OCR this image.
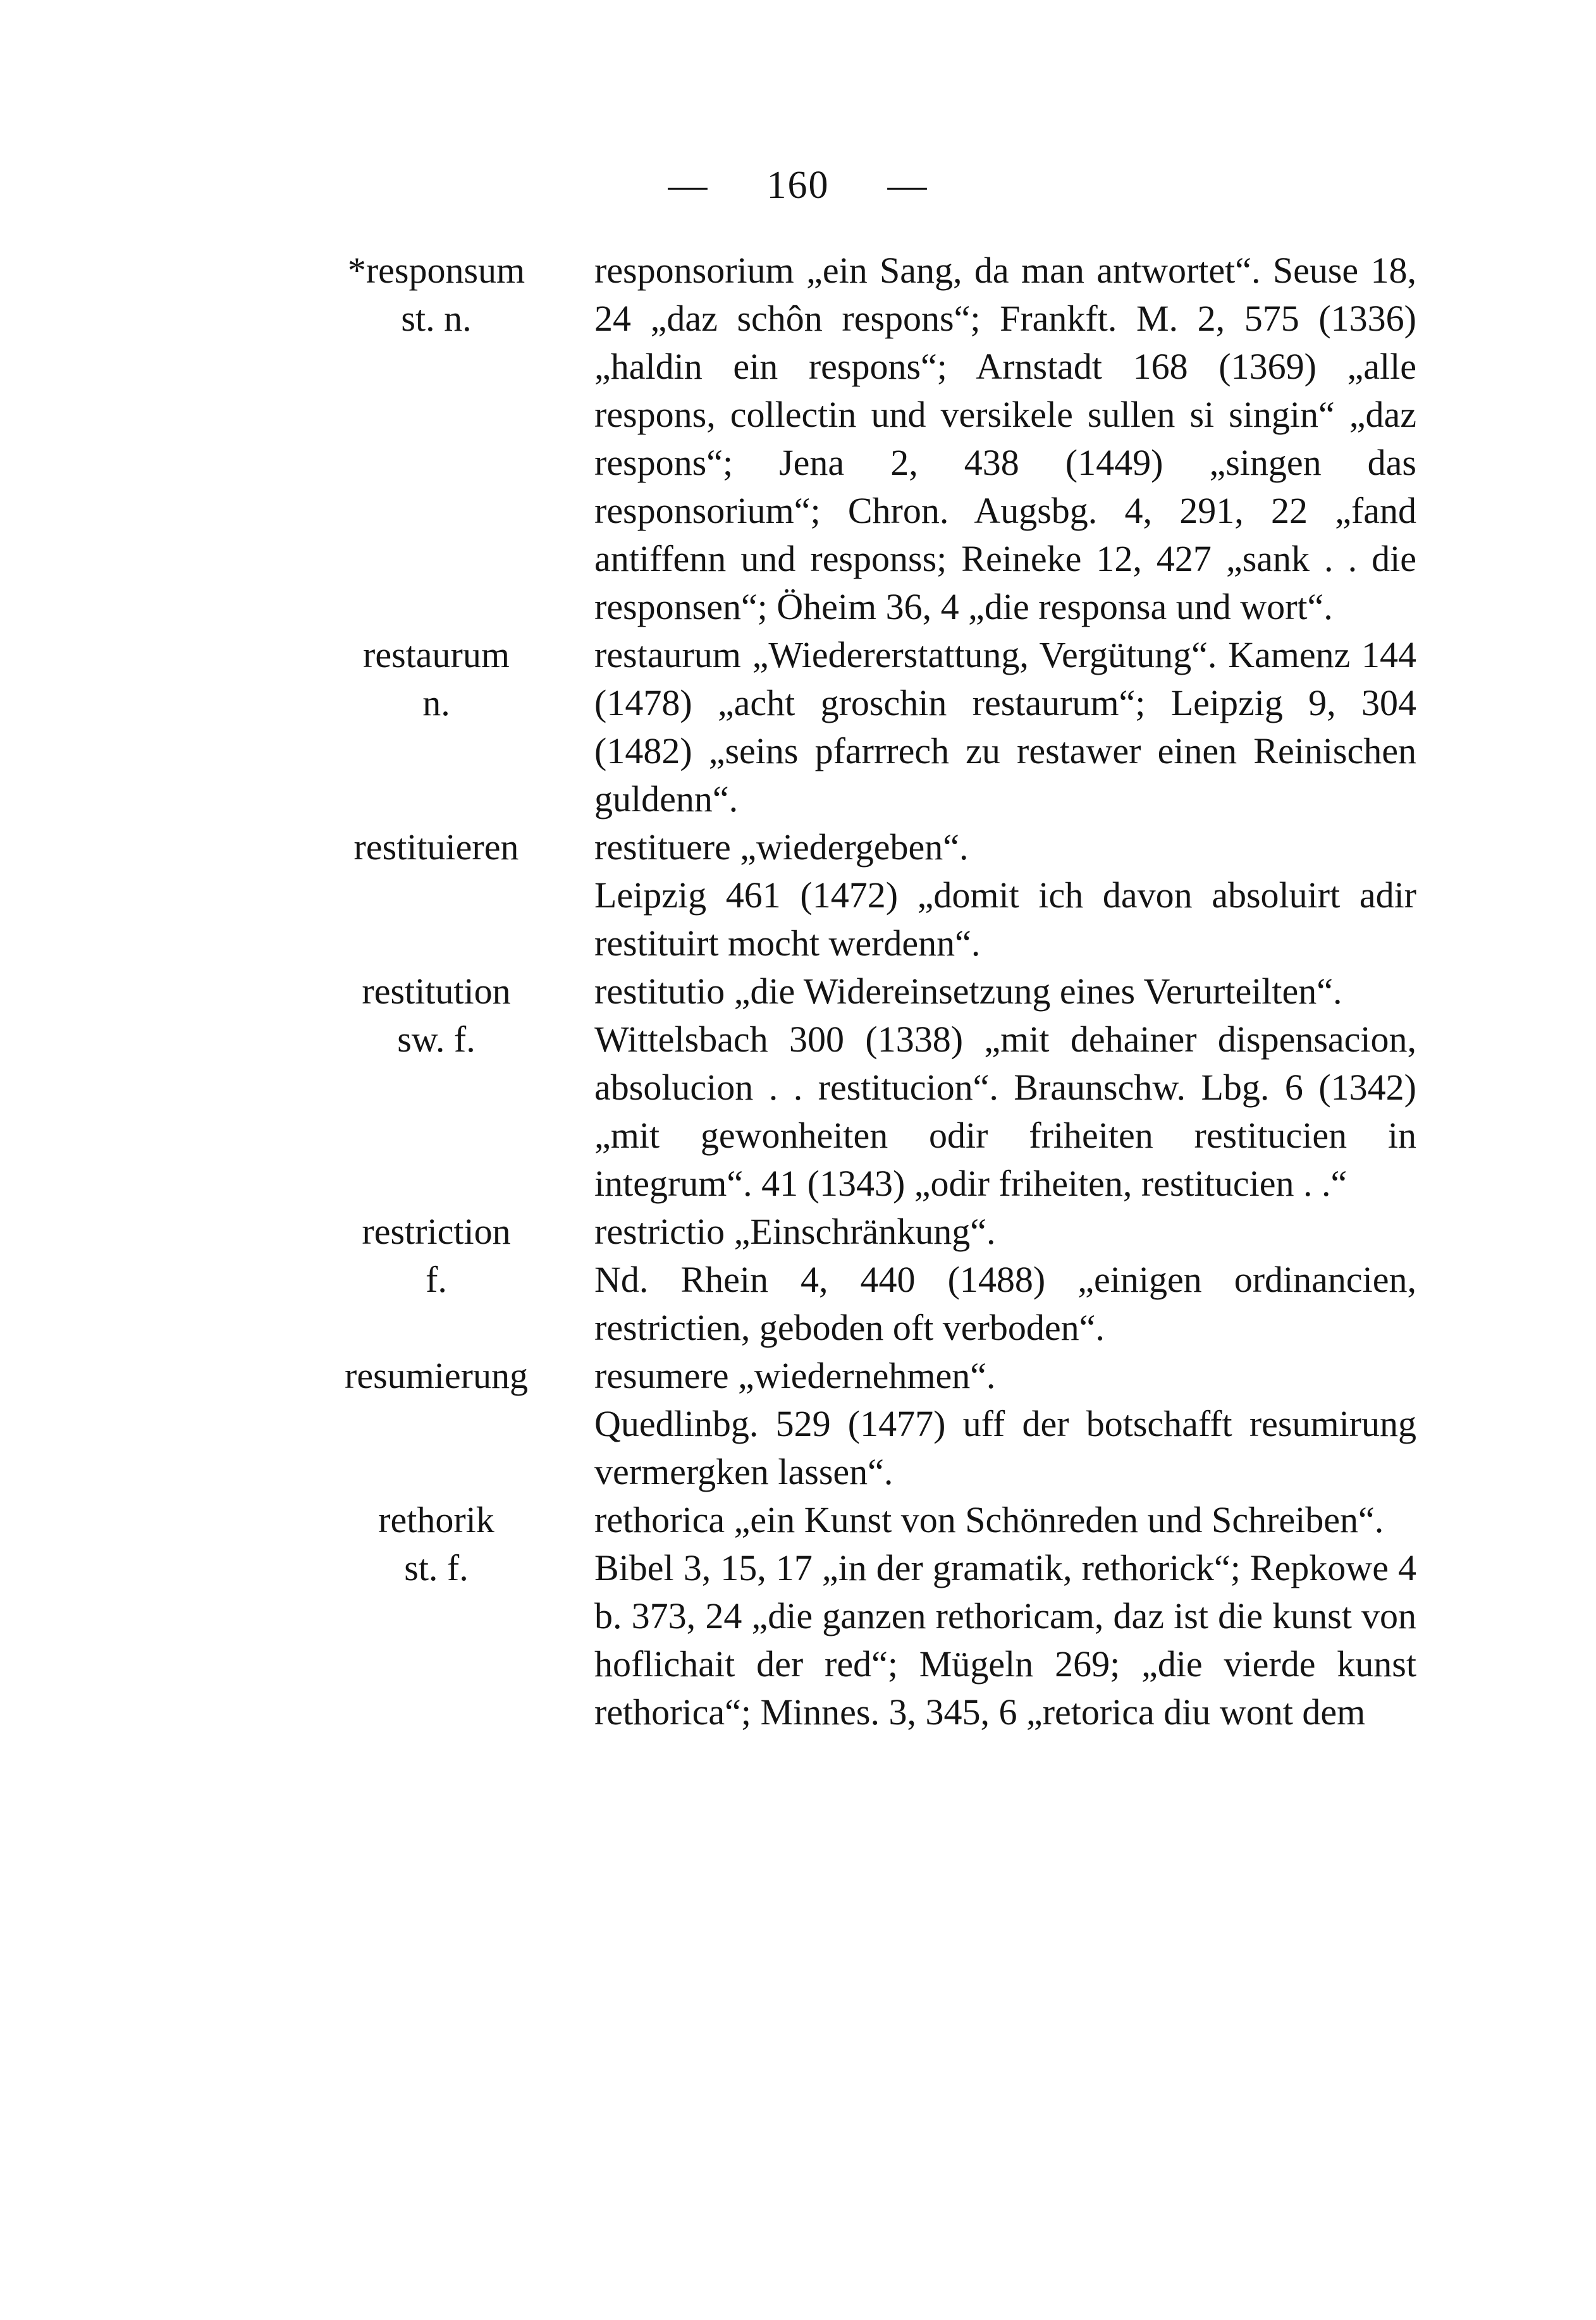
— 160 —
*responsum
st. n.

responsorium „ein Sang, da man antwortet“. Seuse 18, 24 „daz schôn respons“; Frankft. M. 2, 575 (1336) „haldin ein respons“; Arnstadt 168 (1369) „alle respons, collectin und versikele sullen si singin“ „daz respons“; Jena 2, 438 (1449) „singen das responsorium“; Chron. Augsbg. 4, 291, 22 „fand antiffenn und responss; Reineke 12, 427 „sank . . die responsen“; Öheim 36, 4 „die responsa und wort“.

restaurum
n.

restaurum „Wiedererstattung, Vergütung“. Kamenz 144 (1478) „acht groschin restaurum“; Leipzig 9, 304 (1482) „seins pfarrrech zu restawer einen Reinischen guldenn“.

restituieren	restituere „wiedergeben“.

Leipzig 461 (1472) „domit ich davon absoluirt adir restituirt mocht werdenn“.

restitution
sw. f.

restitutio „die Widereinsetzung eines Verurteilten“.

Wittelsbach 300 (1338) „mit dehainer dispensacion, absolucion . . restitucion“. Braunschw. Lbg. 6 (1342) „mit gewonheiten odir friheiten restitucien in integrum“. 41 (1343) „odir friheiten, restitucien . .“

restriction
f.

restrictio „Einschränkung“.

Nd. Rhein 4, 440 (1488) „einigen ordinancien, restrictien, geboden oft verboden“.

resumierung	resumere „wiedernehmen“.

Quedlinbg. 529 (1477) uff der botschafft resumirung vermergken lassen“.

rethorik
st. f.

rethorica „ein Kunst von Schönreden und Schreiben“.

Bibel 3, 15, 17 „in der gramatik, rethorick“; Repkowe 4 b. 373, 24 „die ganzen rethoricam, daz ist die kunst von hoflichait der red“; Mügeln 269; „die vierde kunst rethorica“; Minnes. 3, 345, 6 „retorica diu wont dem
